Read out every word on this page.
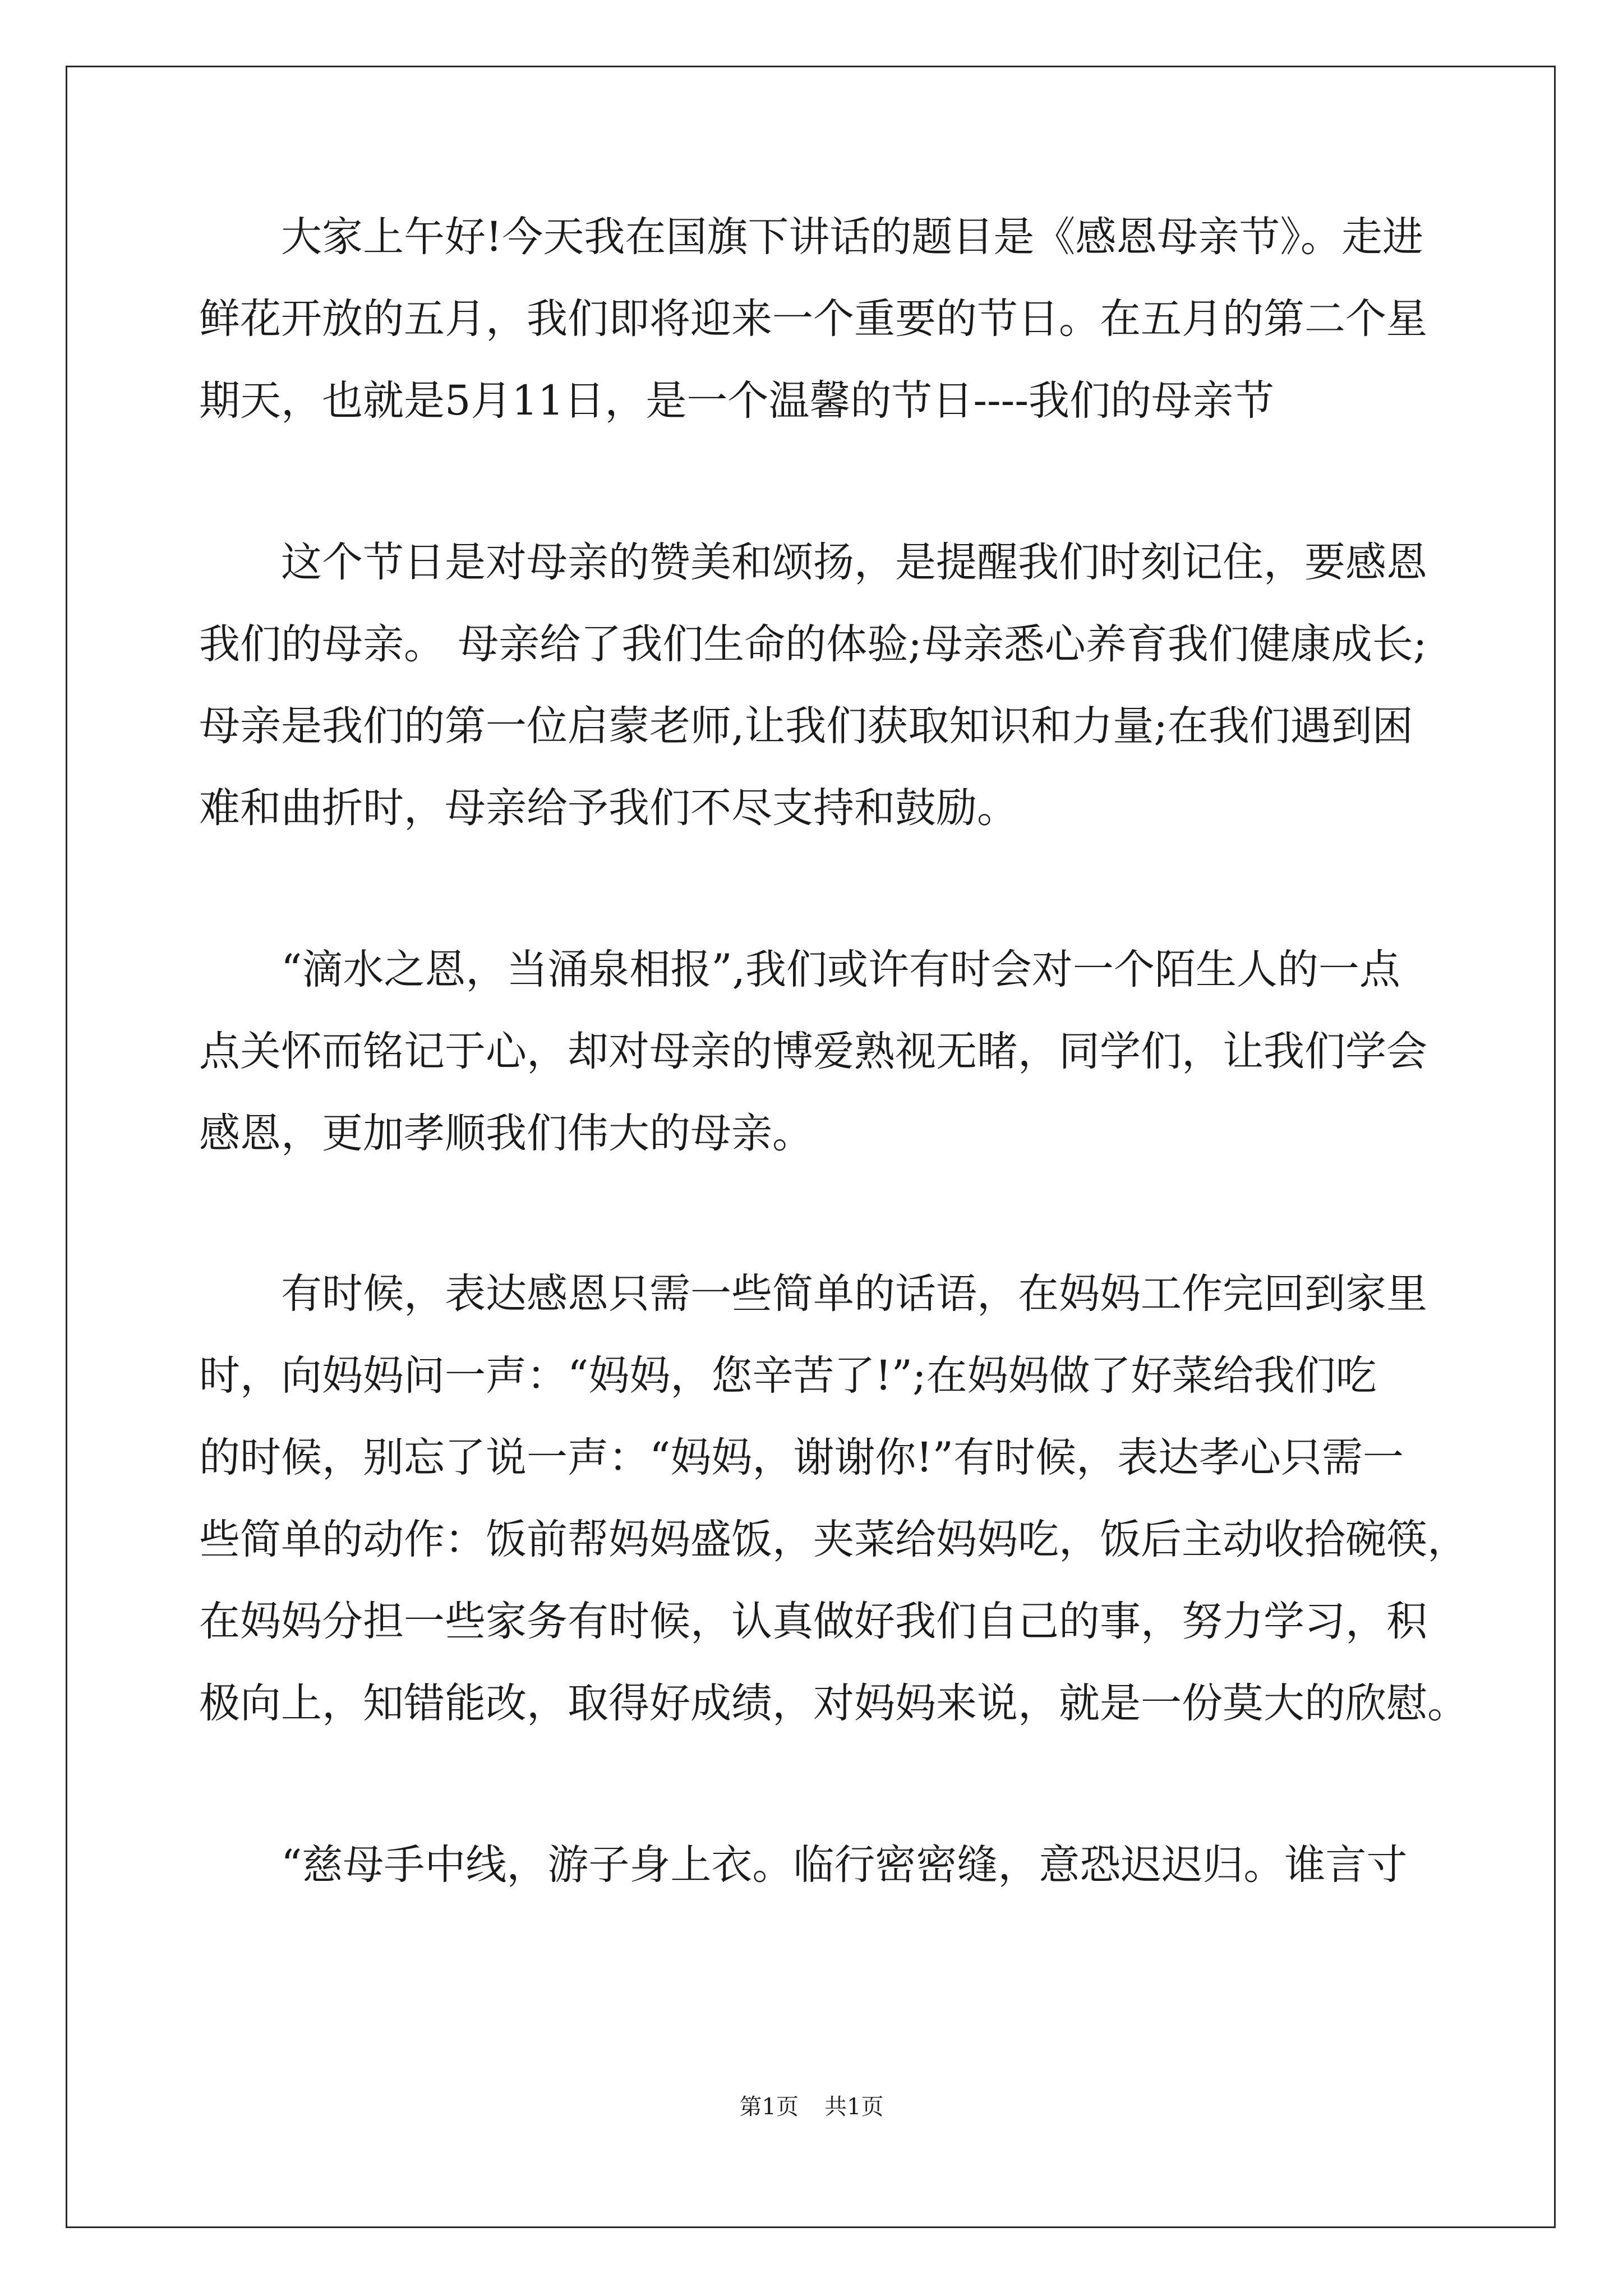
　　大家上午好!今天我在国旗下讲话的题目是《感恩母亲节》。走进
鲜花开放的五月，我们即将迎来一个重要的节日。在五月的第二个星
期天，也就是5月11日，是一个温馨的节日----我们的母亲节
　　这个节日是对母亲的赞美和颂扬，是提醒我们时刻记住，要感恩
我们的母亲。 母亲给了我们生命的体验;母亲悉心养育我们健康成长;
母亲是我们的第一位启蒙老师,让我们获取知识和力量;在我们遇到困
难和曲折时，母亲给予我们不尽支持和鼓励。
　　“滴水之恩，当涌泉相报”,我们或许有时会对一个陌生人的一点
点关怀而铭记于心，却对母亲的博爱熟视无睹，同学们，让我们学会
感恩，更加孝顺我们伟大的母亲。
　　有时候，表达感恩只需一些简单的话语，在妈妈工作完回到家里
时，向妈妈问一声：“妈妈，您辛苦了!”;在妈妈做了好菜给我们吃
的时候，别忘了说一声：“妈妈，谢谢你!”有时候，表达孝心只需一
些简单的动作：饭前帮妈妈盛饭，夹菜给妈妈吃，饭后主动收拾碗筷，
在妈妈分担一些家务有时候，认真做好我们自己的事，努力学习，积
极向上，知错能改，取得好成绩，对妈妈来说，就是一份莫大的欣慰。
　　“慈母手中线，游子身上衣。临行密密缝，意恐迟迟归。谁言寸
第1页 共1页
